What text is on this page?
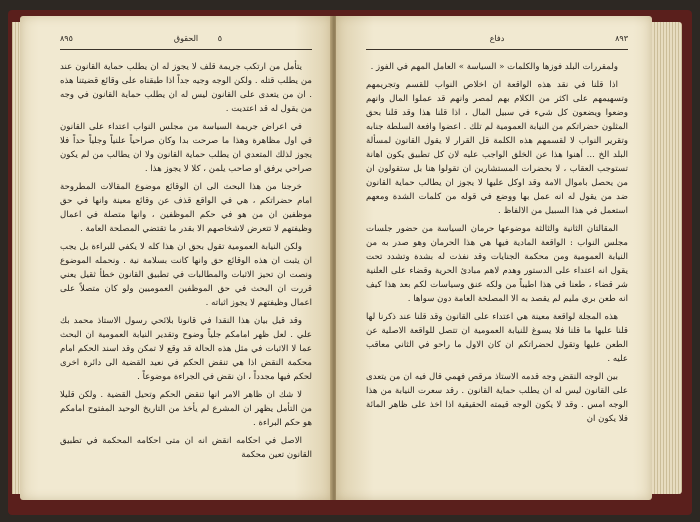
٨٩٥	الحقوق ٥

يتأمل من ارتكب جريمة قلف لا يجوز له ان يطلب حماية القانون عند من يطلب قتله . ولكن الوجه وجيه جداً اذا طبقناه على وقائع قضيتنا هذه . ان من يتعدى على القانون ليس له ان يطلب حماية القانون في وجه من يقول له قد اعتديت .

في اعراض جريمة السياسة من مجلس النواب اعتداء على القانون في اول مظاهرة وهذا ما صرحت بدا وكان صراحياً علنياً وجلياً حداً فلا يجوز لذلك المتعدي ان يطلب حماية القانون ولا ان يطالب من لم يكون صراحي يرفق او صاحب يلمن ، كلا لا يجوز هذا .

خرجنا من هذا البحث الى ان الوقائع موضوع المقالات المطروحة امام حضراتكم ، هي في الواقع قذف عن وقائع معينة وانها في حق موظفين ان من هو في حكم الموظفين ، وانها متصلة في اعمال وظيفتهم لا تتعرض لاشخاصهم الا بقدر ما تقتضي المصلحة العامة .

ولكن النيابة العمومية تقول بحق ان هذا كله لا يكفي للبراءة بل يجب ان يثبت ان هذه الوقائع حق وانها كانت بسلامة نية . ونحمله الموضوع ونصت ان تحيز الاثبات والمطالبات في تطبيق القانون خطأ ثقيل يعني قررت ان البحث في حق الموظفين العموميين ولو كان متصلاً على اعمال وظيفتهم لا يجوز اثباته .

وقد قيل بيان هذا النقدا في قانونا بلائحي رسول الاستاذ محمد بك علي . لعل ظهر امامكم جلياً وضوح وتقدير النيابة العمومية ان البحث عما لا الاثبات في مثل هذه الحالة قد وقع لا تمكن وقد اسند الحكم امام محكمة النقض اذا هي تنقض الحكم في نعيد القضية الى دائرة اخرى لحكم فيها مجدداً ، ان نقض في الجراءة موضوعاً .

لا شك ان ظاهر الامر انها تنقض الحكم وتحيل القضية . ولكن قليلا من التأمل يظهر ان المشرع لم يأخذ من التاريخ الوحيد المفتوح امامكم هو حكم البراءة .

الاصل في احكامه انقض انه ان متى احكامه المحكمة في تطبيق القانون تعين محكمة

دفاع	٨٩٣

ولمقررات البلد فوزها والكلمات « السياسة » العامل المهم في الفوز .

اذا قلنا في نقد هذه الواقعة ان اخلاص النواب للقسم وتجريمهم وتسهيمهم على اكثر من الكلام بهم لمصر وانهم قد عملوا المال وانهم وضعوا ويضعون كل شيء في سبيل المال ، اذا قلنا هذا وقد قلنا بحق المثلون حضراتكم من النيابة العمومية لم تلك . اعضوا وافعة السلطة جنابه وتقرير النواب لا لقسمهم هذه الكلمة قل القرار لا يقول القانون لمسألة البلد الخ ... أهنوا هذا عن الخلق الواجب عليه لان كل تطبيق يكون اهانة تستوجب العقاب ، لا بحضرات المستشارين ان تقولوا هنا بل ستقولون ان من يحصل باموال الامة وقد اوكل عليها لا يجوز ان يطالب حماية القانون ضد من يقول له انه عمل بها ووضع في قوله من كلمات الشدة ومعهم استعمل في هذا السبيل من الالفاظ .

المقالتان الثانية والثالثة موضوعها حرمان السياسة من حضور جلسات مجلس النواب : الواقعة المادية فيها هي هذا الحرمان وهو صدر به من النيابة العمومية ومن محكمة الجنايات وقد نفذت له بشدة وتشدد تحت يقول انه اعتداء على الدستور وهدم لاهم مبادئ الحرية وقضاء على العلنية شر قضاء ، طعنا في هذا اطيباً من ولكه عنق وسياسات لكم بعد هذا كيف انه طعن بري مليم لم يقصد به الا المصلحة العامة دون سواها .

هذه المجلة لواقعة معينة هي اعتداء على القانون وقد قلنا عند ذكرنا لها قلنا عليها ما قلنا فلا يسوغ للنيابة العمومية ان تتصل للواقعة الاصلية عن الطعن عليها وتقول لحضراتكم ان كان الاول ما راحو في الثاني معاقب عليه .

بين الوجه النقض وجه قدمه الاستاذ مرقص فهمي قال فيه ان من يتعدى على القانون ليس له ان يطلب حماية القانون . رقد سعرت النيابة من هذا الوجه امس . وقد لا يكون الوجه قيمته الحقيقية اذا اخذ على ظاهر المائة فلا يكون ان
